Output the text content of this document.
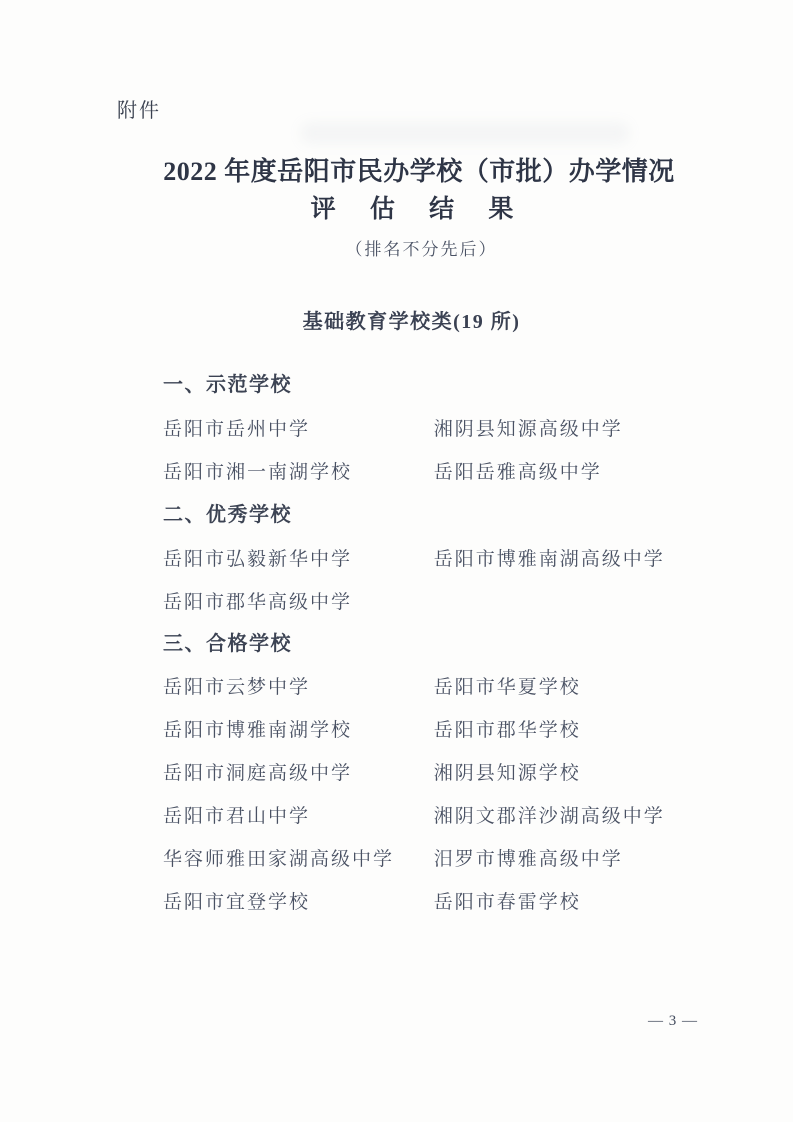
附件
2022 年度岳阳市民办学校（市批）办学情况
评 估 结 果
（排名不分先后）
基础教育学校类(19 所)
一、示范学校
岳阳市岳州中学	湘阴县知源高级中学
岳阳市湘一南湖学校	岳阳岳雅高级中学
二、优秀学校
岳阳市弘毅新华中学	岳阳市博雅南湖高级中学
岳阳市郡华高级中学
三、合格学校
岳阳市云梦中学	岳阳市华夏学校
岳阳市博雅南湖学校	岳阳市郡华学校
岳阳市洞庭高级中学	湘阴县知源学校
岳阳市君山中学	湘阴文郡洋沙湖高级中学
华容师雅田家湖高级中学 汨罗市博雅高级中学
岳阳市宜登学校	岳阳市春雷学校
— 3 —
